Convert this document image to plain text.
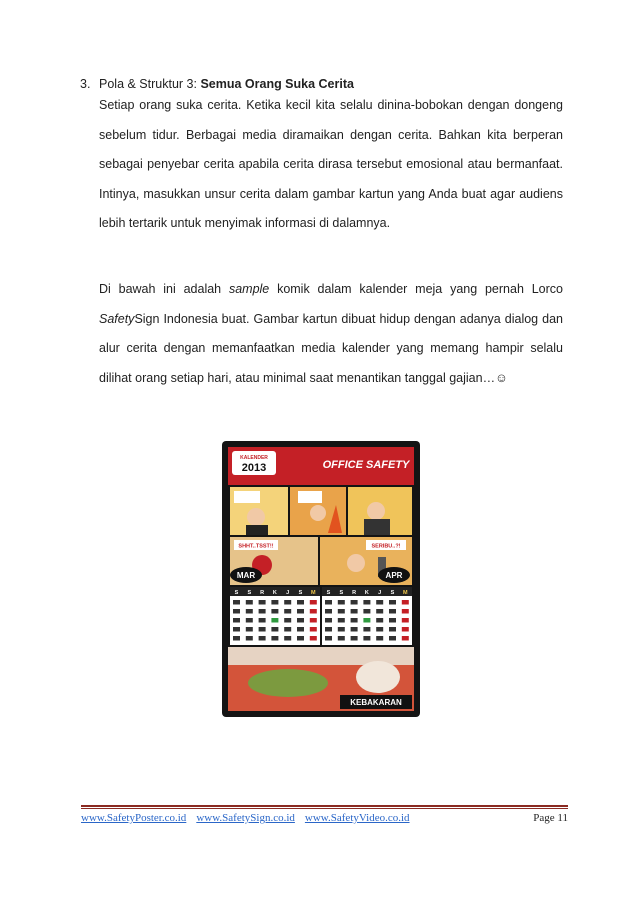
3. Pola & Struktur 3: Semua Orang Suka Cerita

Setiap orang suka cerita. Ketika kecil kita selalu dinina-bobokan dengan dongeng sebelum tidur. Berbagai media diramaikan dengan cerita. Bahkan kita berperan sebagai penyebar cerita apabila cerita dirasa tersebut emosional atau bermanfaat. Intinya, masukkan unsur cerita dalam gambar kartun yang Anda buat agar audiens lebih tertarik untuk menyimak informasi di dalamnya.

Di bawah ini adalah sample komik dalam kalender meja yang pernah Lorco SafetySign Indonesia buat. Gambar kartun dibuat hidup dengan adanya dialog dan alur cerita dengan memanfaatkan media kalender yang memang hampir selalu dilihat orang setiap hari, atau minimal saat menantikan tanggal gajian…☺

KALENDER
2013	OFFICE SAFETY
SHHT..TSST!!	SERIBU..?!
MAR	APR
S S R K J S M S S R K J S M
KEBAKARAN
www.SafetyPoster.co.id www.SafetySign.co.id www.SafetyVideo.co.id	Page 11
